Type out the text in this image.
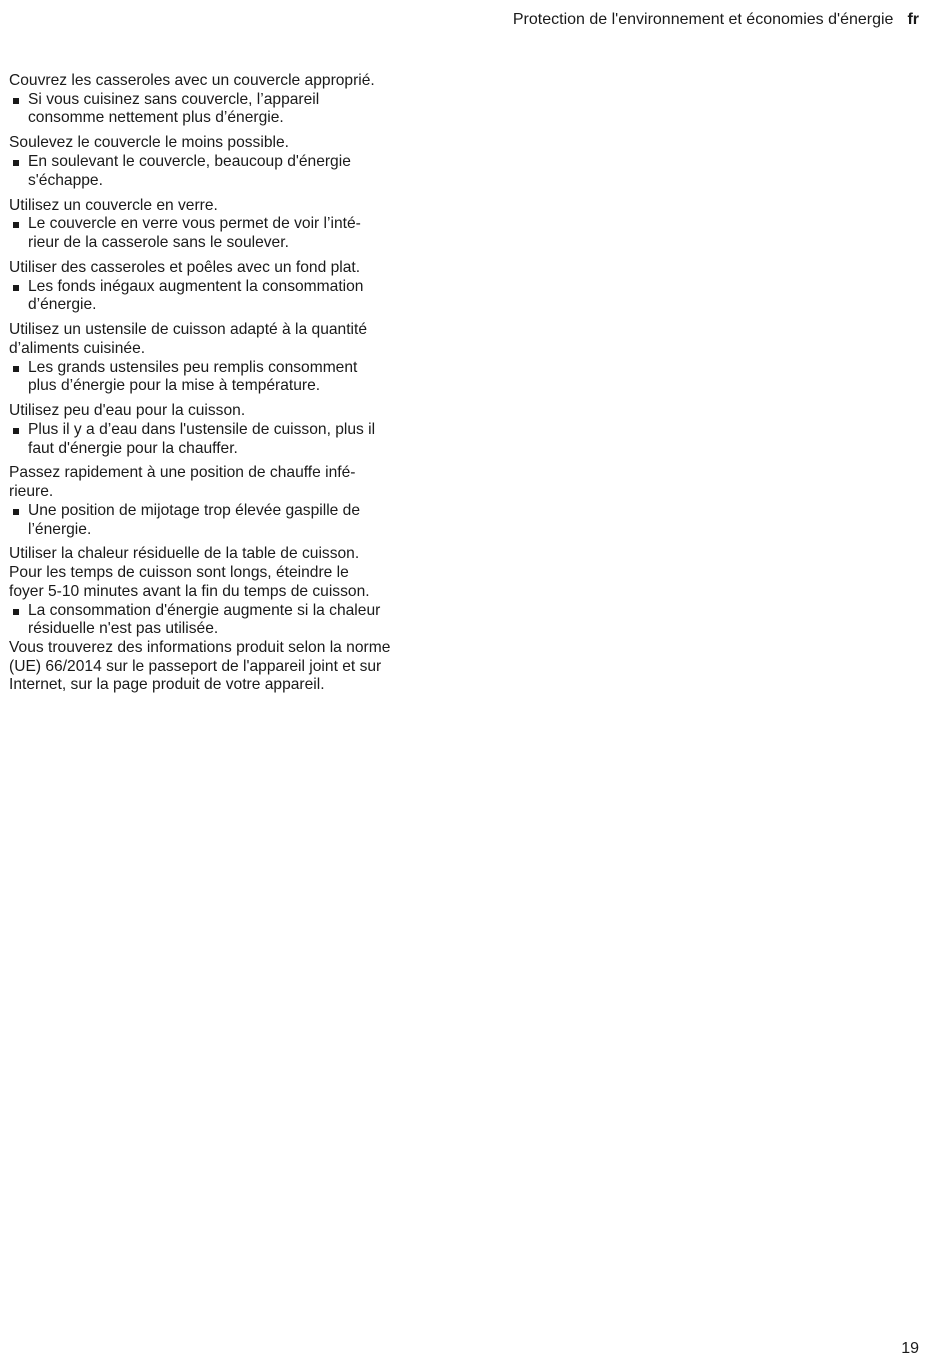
Protection de l'environnement et économies d'énergie fr
Couvrez les casseroles avec un couvercle approprié.
Si vous cuisinez sans couvercle, l’appareil
consomme nettement plus d’énergie.
Soulevez le couvercle le moins possible.
En soulevant le couvercle, beaucoup d'énergie
s'échappe.
Utilisez un couvercle en verre.
Le couvercle en verre vous permet de voir l’inté-
rieur de la casserole sans le soulever.
Utiliser des casseroles et poêles avec un fond plat.
Les fonds inégaux augmentent la consommation
d’énergie.
Utilisez un ustensile de cuisson adapté à la quantité
d’aliments cuisinée.
Les grands ustensiles peu remplis consomment
plus d’énergie pour la mise à température.
Utilisez peu d'eau pour la cuisson.
Plus il y a d’eau dans l'ustensile de cuisson, plus il
faut d'énergie pour la chauffer.
Passez rapidement à une position de chauffe infé-
rieure.
Une position de mijotage trop élevée gaspille de
l’énergie.
Utiliser la chaleur résiduelle de la table de cuisson.
Pour les temps de cuisson sont longs, éteindre le
foyer 5-10 minutes avant la fin du temps de cuisson.
La consommation d'énergie augmente si la chaleur
résiduelle n'est pas utilisée.
Vous trouverez des informations produit selon la norme
(UE) 66/2014 sur le passeport de l'appareil joint et sur
Internet, sur la page produit de votre appareil.
19
